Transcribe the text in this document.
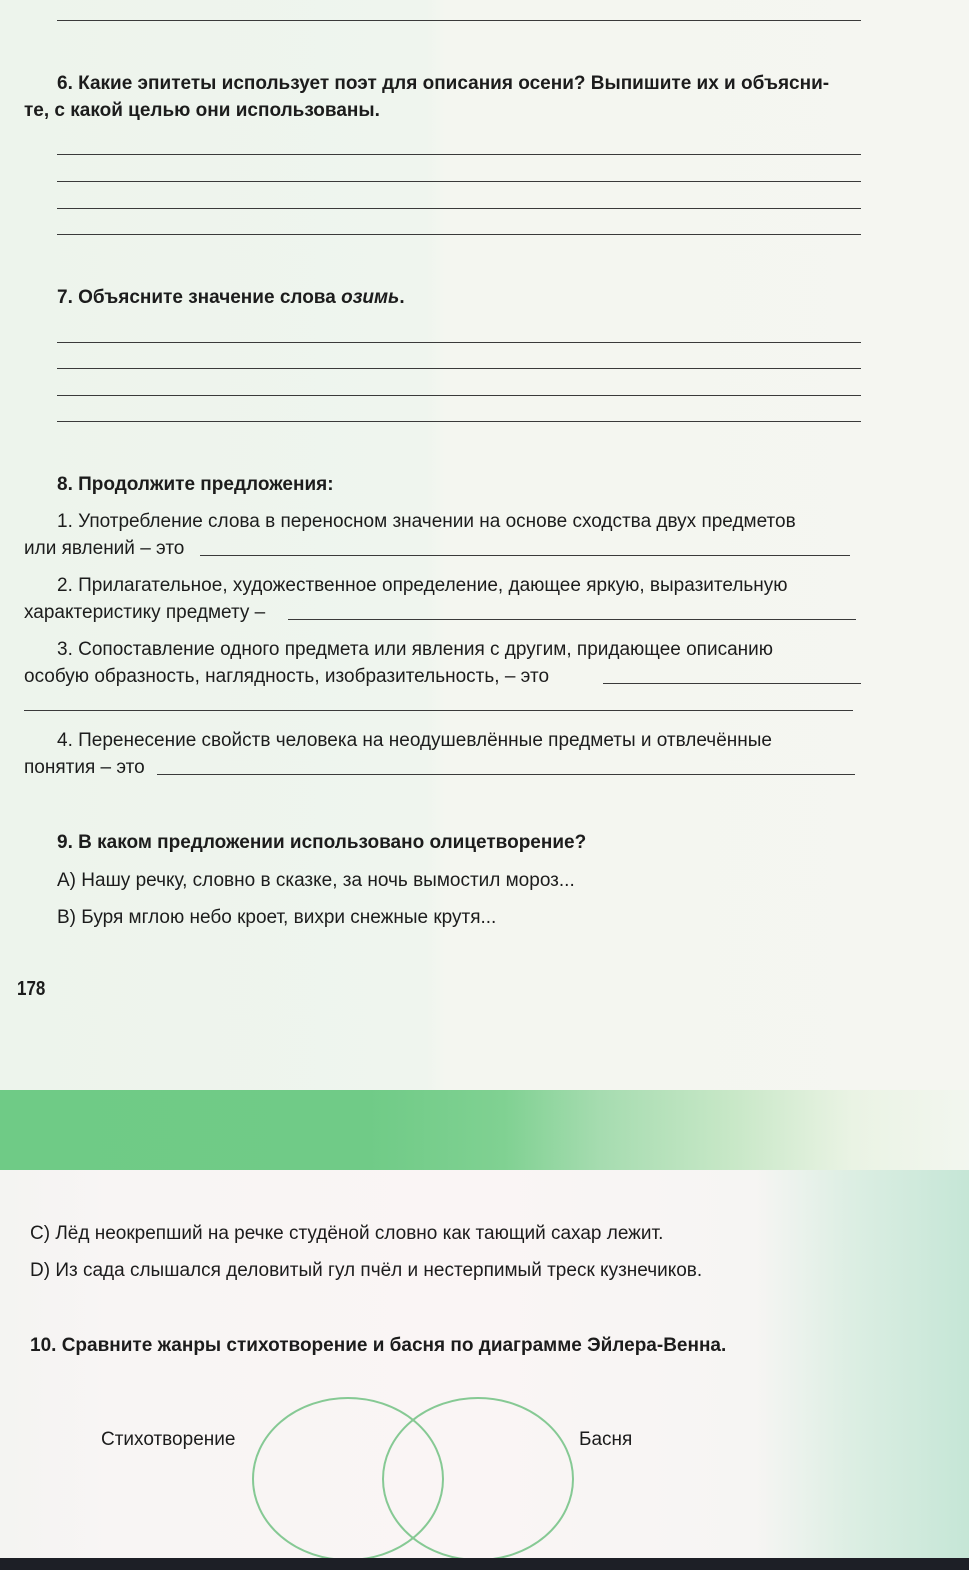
6. Какие эпитеты использует поэт для описания осени? Выпишите их и объясни-
те, с какой целью они использованы.
7. Объясните значение слова озимь.
8. Продолжите предложения:
1. Употребление слова в переносном значении на основе сходства двух предметов
или явлений – это
2. Прилагательное, художественное определение, дающее яркую, выразительную
характеристику предмету –
3. Сопоставление одного предмета или явления с другим, придающее описанию
особую образность, наглядность, изобразительность, – это
4. Перенесение свойств человека на неодушевлённые предметы и отвлечённые
понятия – это
9. В каком предложении использовано олицетворение?
A) Нашу речку, словно в сказке, за ночь вымостил мороз...
B) Буря мглою небо кроет, вихри снежные крутя...
178
C) Лёд неокрепший на речке студёной словно как тающий сахар лежит.
D) Из сада слышался деловитый гул пчёл и нестерпимый треск кузнечиков.
10. Сравните жанры стихотворение и басня по диаграмме Эйлера-Венна.
Стихотворение	Басня
